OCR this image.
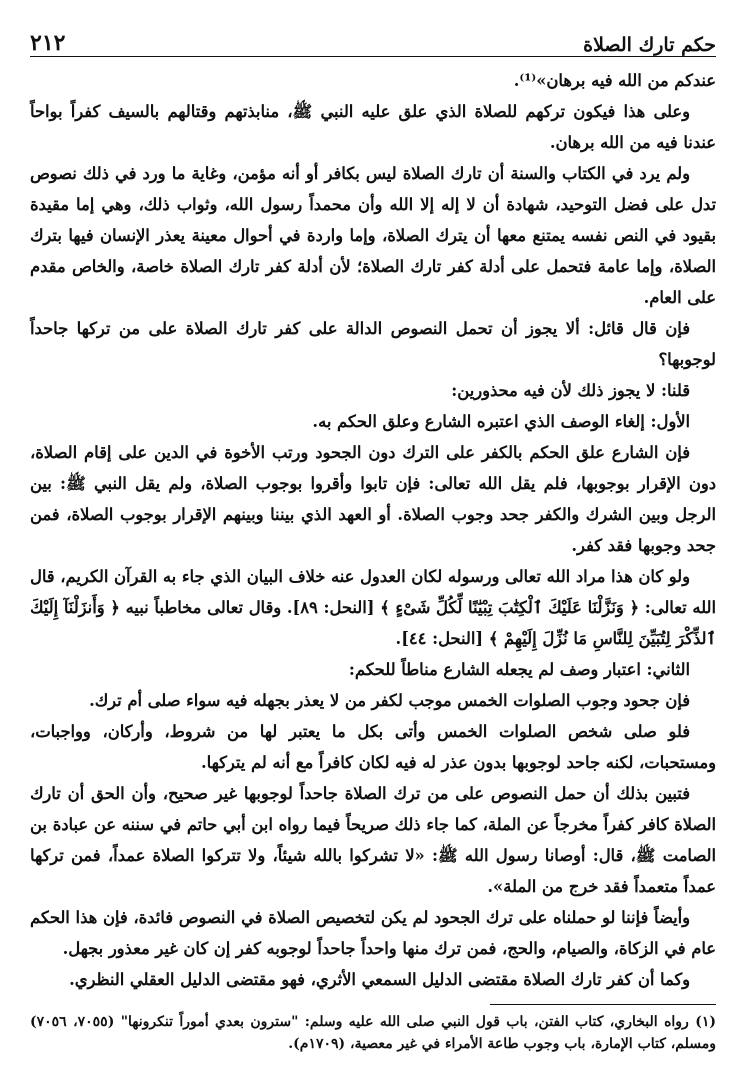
حكم تارك الصلاة
٢١٢

عندكم من الله فيه برهان»⁽¹⁾.

وعلى هذا فيكون تركهم للصلاة الذي علق عليه النبي ﷺ، منابذتهم وقتالهم بالسيف كفراً بواحاً عندنا فيه من الله برهان.

ولم يرد في الكتاب والسنة أن تارك الصلاة ليس بكافر أو أنه مؤمن، وغاية ما ورد في ذلك نصوص تدل على فضل التوحيد، شهادة أن لا إله إلا الله وأن محمداً رسول الله، وثواب ذلك، وهي إما مقيدة بقيود في النص نفسه يمتنع معها أن يترك الصلاة، وإما واردة في أحوال معينة يعذر الإنسان فيها بترك الصلاة، وإما عامة فتحمل على أدلة كفر تارك الصلاة؛ لأن أدلة كفر تارك الصلاة خاصة، والخاص مقدم على العام.

فإن قال قائل: ألا يجوز أن تحمل النصوص الدالة على كفر تارك الصلاة على من تركها جاحداً لوجوبها؟

قلنا: لا يجوز ذلك لأن فيه محذورين:

الأول: إلغاء الوصف الذي اعتبره الشارع وعلق الحكم به.

فإن الشارع علق الحكم بالكفر على الترك دون الجحود ورتب الأخوة في الدين على إقام الصلاة، دون الإقرار بوجوبها، فلم يقل الله تعالى: فإن تابوا وأقروا بوجوب الصلاة، ولم يقل النبي ﷺ: بين الرجل وبين الشرك والكفر جحد وجوب الصلاة. أو العهد الذي بيننا وبينهم الإقرار بوجوب الصلاة، فمن جحد وجوبها فقد كفر.

ولو كان هذا مراد الله تعالى ورسوله لكان العدول عنه خلاف البيان الذي جاء به القرآن الكريم، قال الله تعالى: ﴿ وَنَزَّلْنَا عَلَيْكَ ٱلْكِتَٰبَ تِبْيَٰنًا لِّكُلِّ شَىْءٍ ﴾ [النحل: ٨٩]. وقال تعالى مخاطباً نبيه ﴿ وَأَنزَلْنَآ إِلَيْكَ ٱلذِّكْرَ لِتُبَيِّنَ لِلنَّاسِ مَا نُزِّلَ إِلَيْهِمْ ﴾ [النحل: ٤٤].

الثاني: اعتبار وصف لم يجعله الشارع مناطاً للحكم:

فإن جحود وجوب الصلوات الخمس موجب لكفر من لا يعذر بجهله فيه سواء صلى أم ترك.

فلو صلى شخص الصلوات الخمس وأتى بكل ما يعتبر لها من شروط، وأركان، وواجبات، ومستحبات، لكنه جاحد لوجوبها بدون عذر له فيه لكان كافراً مع أنه لم يتركها.

فتبين بذلك أن حمل النصوص على من ترك الصلاة جاحداً لوجوبها غير صحيح، وأن الحق أن تارك الصلاة كافر كفراً مخرجاً عن الملة، كما جاء ذلك صريحاً فيما رواه ابن أبي حاتم في سننه عن عبادة بن الصامت ﷺ، قال: أوصانا رسول الله ﷺ: «لا تشركوا بالله شيئاً، ولا تتركوا الصلاة عمداً، فمن تركها عمداً متعمداً فقد خرج من الملة».

وأيضاً فإننا لو حملناه على ترك الجحود لم يكن لتخصيص الصلاة في النصوص فائدة، فإن هذا الحكم عام في الزكاة، والصيام، والحج، فمن ترك منها واحداً جاحداً لوجوبه كفر إن كان غير معذور بجهل.

وكما أن كفر تارك الصلاة مقتضى الدليل السمعي الأثري، فهو مقتضى الدليل العقلي النظري.

(١) رواه البخاري، كتاب الفتن، باب قول النبي صلى الله عليه وسلم: "سترون بعدي أموراً تنكرونها" (٧٠٥٥، ٧٠٥٦) ومسلم، كتاب الإمارة، باب وجوب طاعة الأمراء في غير معصية، (١٧٠٩م).
